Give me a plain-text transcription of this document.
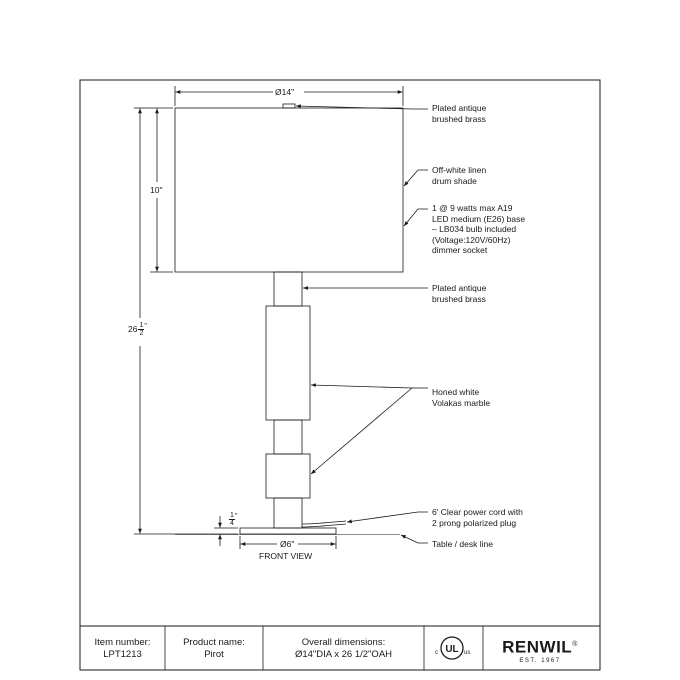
Ø14"
10"
$26 \frac{1}{2} ^"$
$\frac{1}{4} ^"$
Ø6"
FRONT VIEW
Plated antique
brushed brass
Off-white linen
drum shade
1 @ 9 watts max A19
LED medium (E26) base
– LB034 bulb included
(Voltage:120V/60Hz)
dimmer socket
Plated antique
brushed brass
Honed white
Volakas marble
6' Clear power cord with
2 prong polarized plug
Table / desk line
Item number:
LPT1213
Product name:
Pirot
Overall dimensions:
Ø14"DIA x 26 1/2"OAH	UL
c	us	RENWIL®
EST. 1967
